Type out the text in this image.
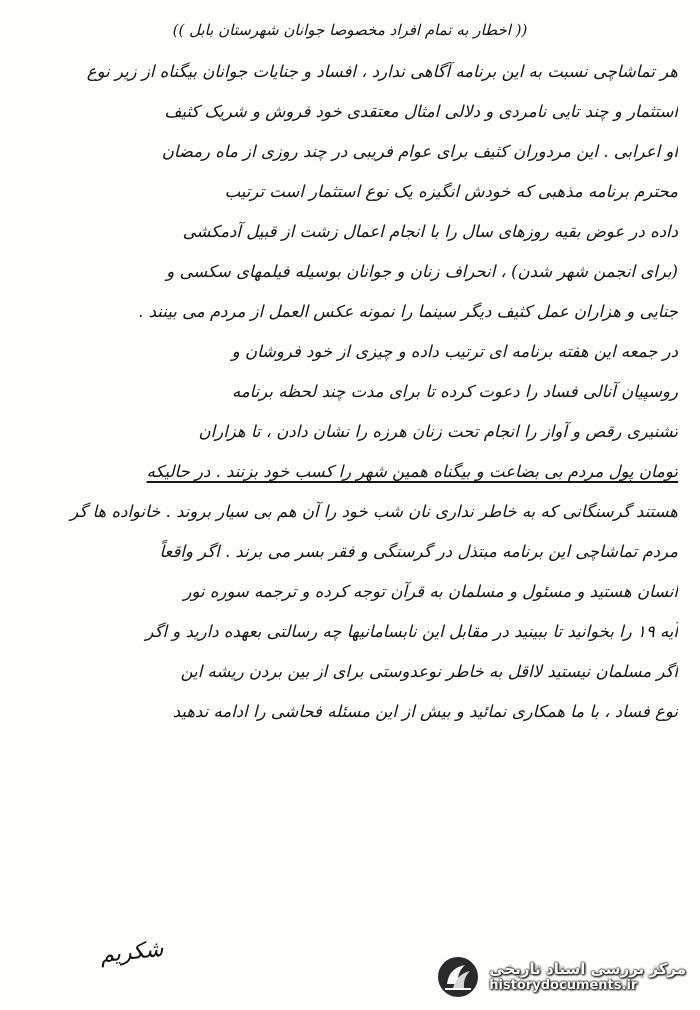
(( اخطار به تمام افراد مخصوصا جوانان شهرستان بابل ))

هر تماشاچی نسبت به این برنامه آگاهی ندارد ، افساد و جنایات جوانان بیگناه از زیر نوع

استثمار و چند تایی نامردی و دلالی امثال معتقدی خود فروش و شریک کثیف

او اعرابی . این مردوران کثیف برای عوام فریبی در چند روزی از ماه رمضان

محترم برنامه مذهبی که خودش انگیزه یک نوع استثمار است ترتیب

داده در عوض بقیه روزهای سال را با انجام اعمال زشت از قبیل آدمکشی

(برای انجمن شهر شدن) ، انحراف زنان و جوانان بوسیله فیلمهای سکسی و

جنایی و هزاران عمل کثیف دیگر سینما را نمونه عکس العمل از مردم می بینند .

در جمعه این هفته برنامه ای ترتیب داده و چیزی از خود فروشان و

روسپیان آنالی فساد را دعوت کرده تا برای مدت چند لحظه برنامه

تشنیری رقص و آواز را انجام تحت زنان هرزه را نشان دادن ، تا هزاران

تومان پول مردم بی بضاعت و بیگناه همین شهر را کسب خود بزنند . در حالیکه

هستند گرسنگانی که به خاطر نداری نان شب خود را آن هم بی سیار بروند . خانواده ها گر

مردم تماشاچی این برنامه مبتذل در گرسنگی و فقر بسر می برند . اگر واقعاً

انسان هستید و مسئول و مسلمان به قرآن توجه کرده و ترجمه سوره نور

آیه ۱۹ را بخوانید تا ببینید در مقابل این نابسامانیها چه رسالتی بعهده دارید و اگر

اگر مسلمان نیستید لااقل به خاطر نوعدوستی برای از بین بردن ریشه این

نوع فساد ، با ما همکاری نمائید و بیش از این مسئله فحاشی را ادامه ندهید

شکریم
مرکز بررسی اسناد تاریخی
historydocuments.ir
